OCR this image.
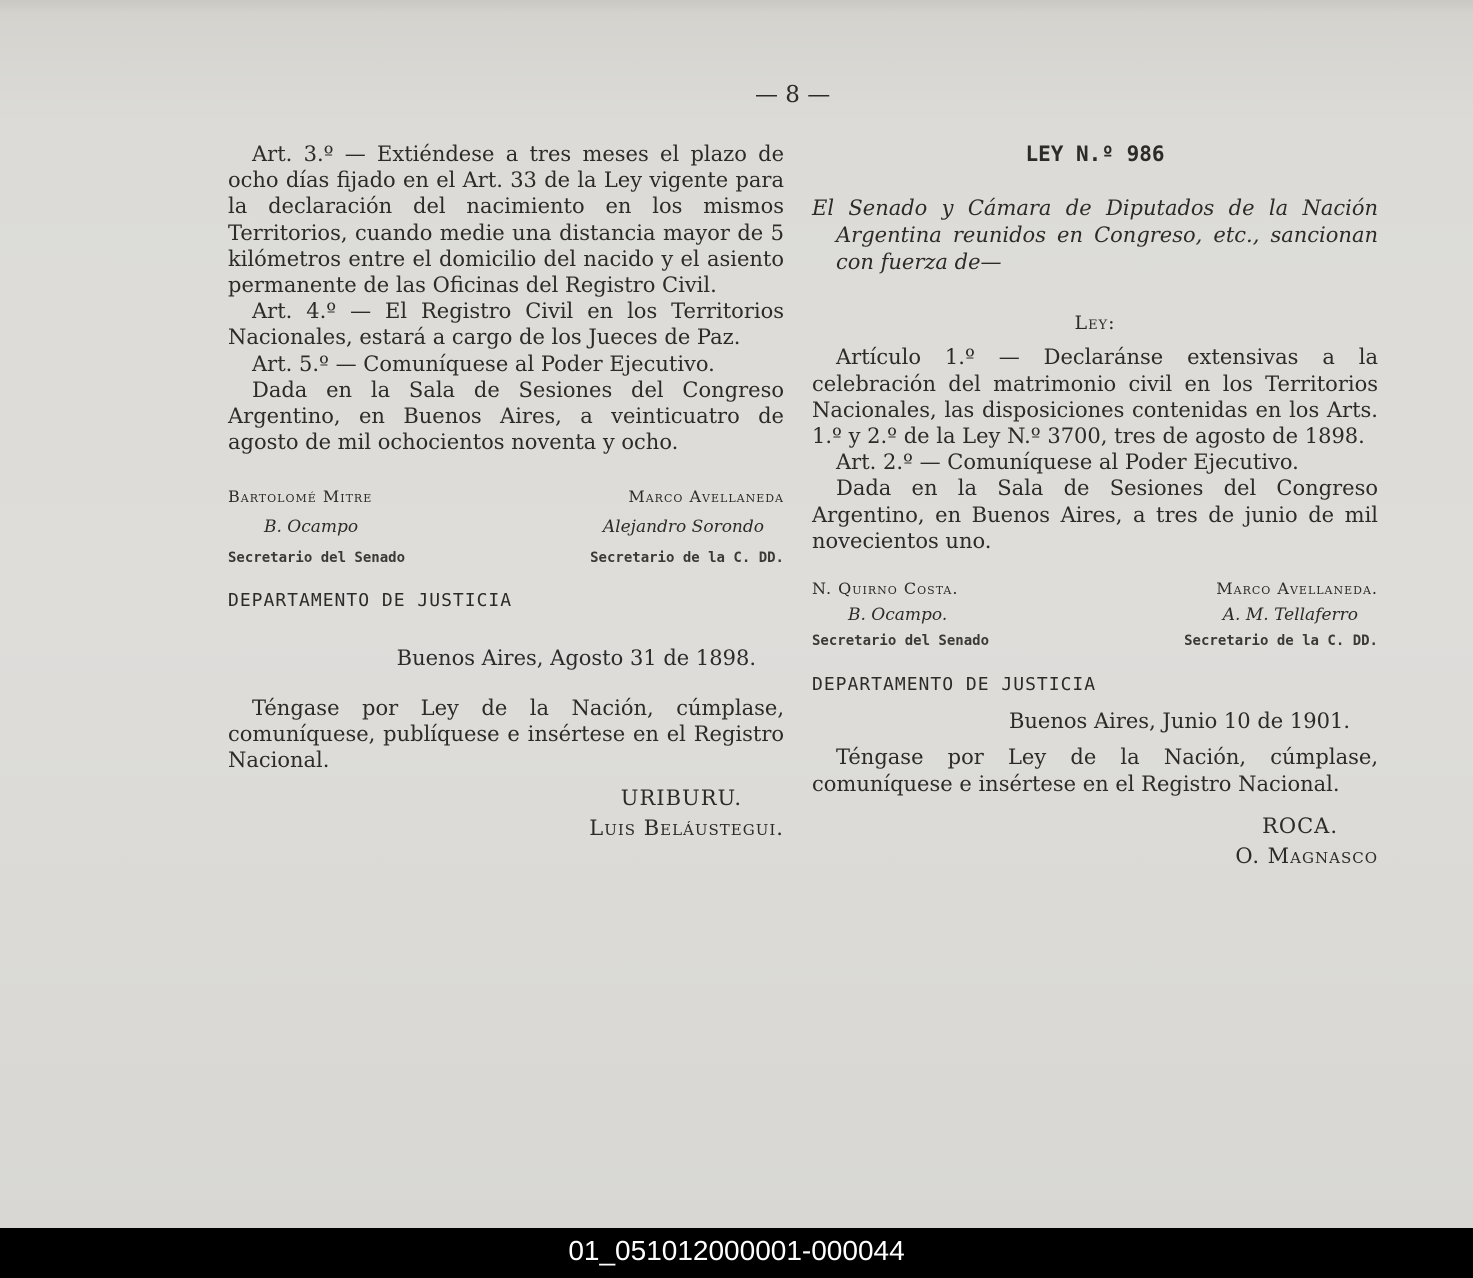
— 8 —

Art. 3.º — Extiéndese a tres meses el plazo de ocho días fijado en el Art. 33 de la Ley vigente para la declaración del nacimiento en los mismos Territorios, cuando medie una distancia mayor de 5 kilómetros entre el domicilio del nacido y el asiento permanente de las Oficinas del Registro Civil.

Art. 4.º — El Registro Civil en los Territorios Nacionales, estará a cargo de los Jueces de Paz.

Art. 5.º — Comuníquese al Poder Ejecutivo.

Dada en la Sala de Sesiones del Congreso Argentino, en Buenos Aires, a veinticuatro de agosto de mil ochocientos noventa y ocho.

Bartolomé Mitre
B. Ocampo
Secretario del Senado
Marco Avellaneda
Alejandro Sorondo
Secretario de la C. DD.
DEPARTAMENTO DE JUSTICIA
Buenos Aires, Agosto 31 de 1898.

Téngase por Ley de la Nación, cúmplase, comuníquese, publíquese e insértese en el Registro Nacional.

URIBURU.
Luis Beláustegui.
LEY N.º 986

El Senado y Cámara de Diputados de la Nación Argentina reunidos en Congreso, etc., sancionan con fuerza de—

Ley:

Artículo 1.º — Declaránse extensivas a la celebración del matrimonio civil en los Territorios Nacionales, las disposiciones contenidas en los Arts. 1.º y 2.º de la Ley N.º 3700, tres de agosto de 1898.

Art. 2.º — Comuníquese al Poder Ejecutivo.

Dada en la Sala de Sesiones del Congreso Argentino, en Buenos Aires, a tres de junio de mil novecientos uno.

N. Quirno Costa.
B. Ocampo.
Secretario del Senado
Marco Avellaneda.
A. M. Tellaferro
Secretario de la C. DD.
DEPARTAMENTO DE JUSTICIA
Buenos Aires, Junio 10 de 1901.

Téngase por Ley de la Nación, cúmplase, comuníquese e insértese en el Registro Nacional.

ROCA.
O. Magnasco
01_051012000001-000044
